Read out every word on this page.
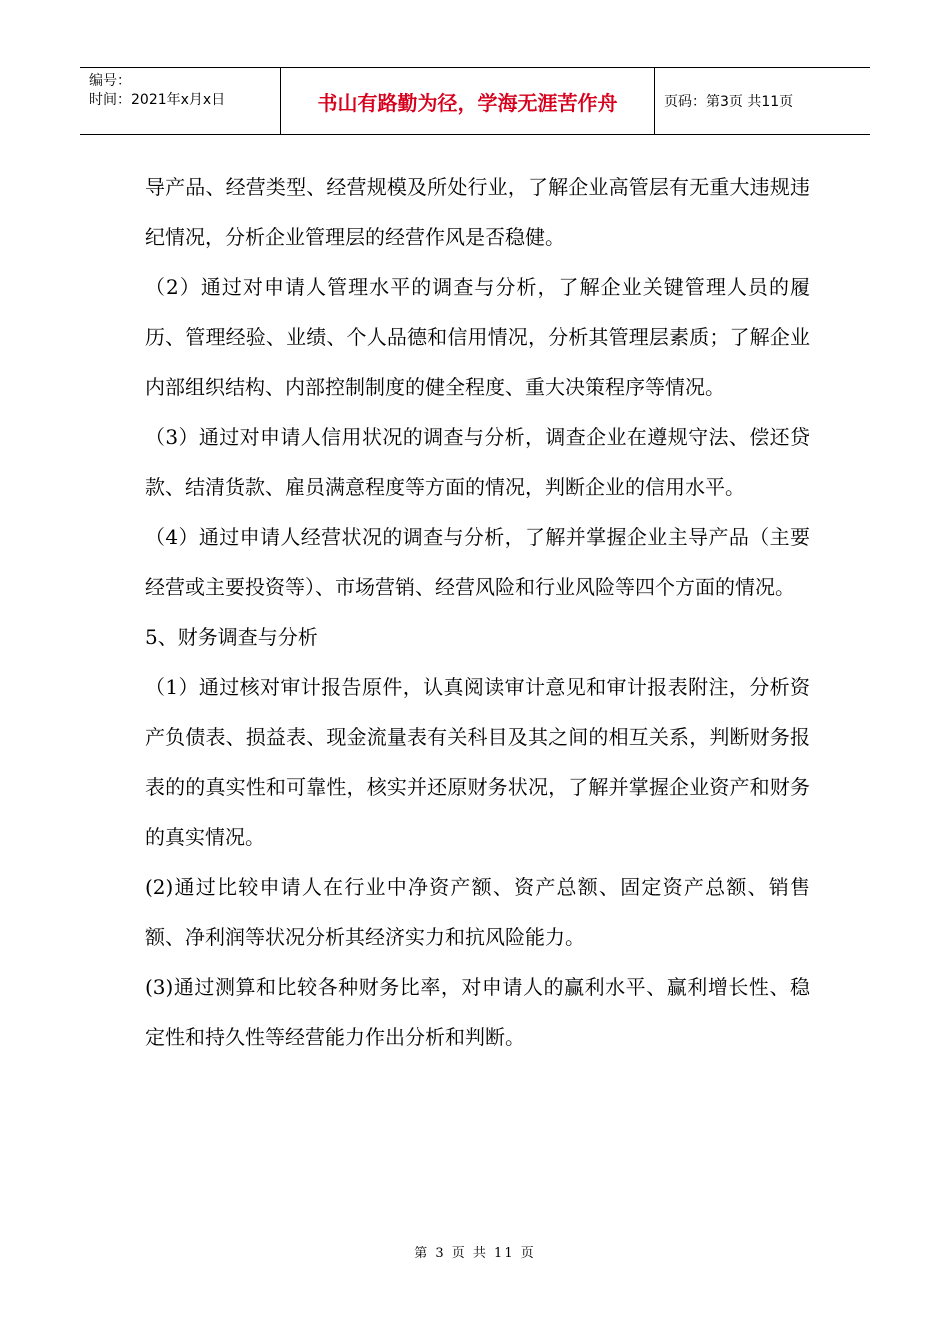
编号：
时间：2021年x月x日	书山有路勤为径，学海无涯苦作舟	页码：第3页 共11页

导产品、经营类型、经营规模及所处行业，了解企业高管层有无重大违规违纪情况，分析企业管理层的经营作风是否稳健。

（2）通过对申请人管理水平的调查与分析，了解企业关键管理人员的履历、管理经验、业绩、个人品德和信用情况，分析其管理层素质；了解企业内部组织结构、内部控制制度的健全程度、重大决策程序等情况。

（3）通过对申请人信用状况的调查与分析，调查企业在遵规守法、偿还贷款、结清货款、雇员满意程度等方面的情况，判断企业的信用水平。

（4）通过申请人经营状况的调查与分析，了解并掌握企业主导产品（主要经营或主要投资等）、市场营销、经营风险和行业风险等四个方面的情况。

5、财务调查与分析

（1）通过核对审计报告原件，认真阅读审计意见和审计报表附注，分析资产负债表、损益表、现金流量表有关科目及其之间的相互关系，判断财务报表的的真实性和可靠性，核实并还原财务状况，了解并掌握企业资产和财务的真实情况。

(2)通过比较申请人在行业中净资产额、资产总额、固定资产总额、销售额、净利润等状况分析其经济实力和抗风险能力。

(3)通过测算和比较各种财务比率，对申请人的赢利水平、赢利增长性、稳定性和持久性等经营能力作出分析和判断。

第 3 页 共 11 页
